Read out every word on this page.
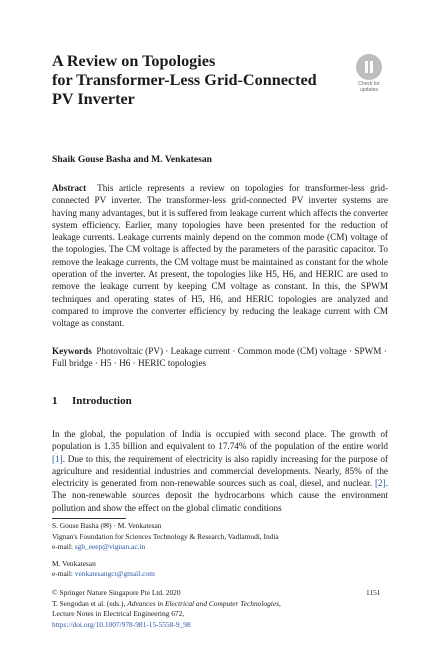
A Review on Topologies
for Transformer-Less Grid-Connected
PV Inverter
Check for
updates
Shaik Gouse Basha and M. Venkatesan

Abstract This article represents a review on topologies for transformer-less grid-connected PV inverter. The transformer-less grid-connected PV inverter systems are having many advantages, but it is suffered from leakage current which affects the converter system efficiency. Earlier, many topologies have been presented for the reduction of leakage currents. Leakage currents mainly depend on the common mode (CM) voltage of the topologies. The CM voltage is affected by the parameters of the parasitic capacitor. To remove the leakage currents, the CM voltage must be maintained as constant for the whole operation of the inverter. At present, the topologies like H5, H6, and HERIC are used to remove the leakage current by keeping CM voltage as constant. In this, the SPWM techniques and operating states of H5, H6, and HERIC topologies are analyzed and compared to improve the converter efficiency by reducing the leakage current with CM voltage as constant.

Keywords Photovoltaic (PV) · Leakage current · Common mode (CM) voltage · SPWM · Full bridge · H5 · H6 · HERIC topologies

1 Introduction

In the global, the population of India is occupied with second place. The growth of population is 1.35 billion and equivalent to 17.74% of the population of the entire world [1]. Due to this, the requirement of electricity is also rapidly increasing for the purpose of agriculture and residential industries and commercial developments. Nearly, 85% of the electricity is generated from non-renewable sources such as coal, diesel, and nuclear. [2]. The non-renewable sources deposit the hydrocarbons which cause the environment pollution and show the effect on the global climatic conditions

S. Gouse Basha (✉) · M. Venkatesan
Vignan's Foundation for Sciences Technology & Research, Vadlamudi, India
e-mail: sgb_eeep@vignan.ac.in
M. Venkatesan
e-mail: venkatesangct@gmail.com
© Springer Nature Singapore Pte Ltd. 2020
T. Sengodan et al. (eds.), Advances in Electrical and Computer Technologies,
Lecture Notes in Electrical Engineering 672,
https://doi.org/10.1007/978-981-15-5558-9_98
1151
